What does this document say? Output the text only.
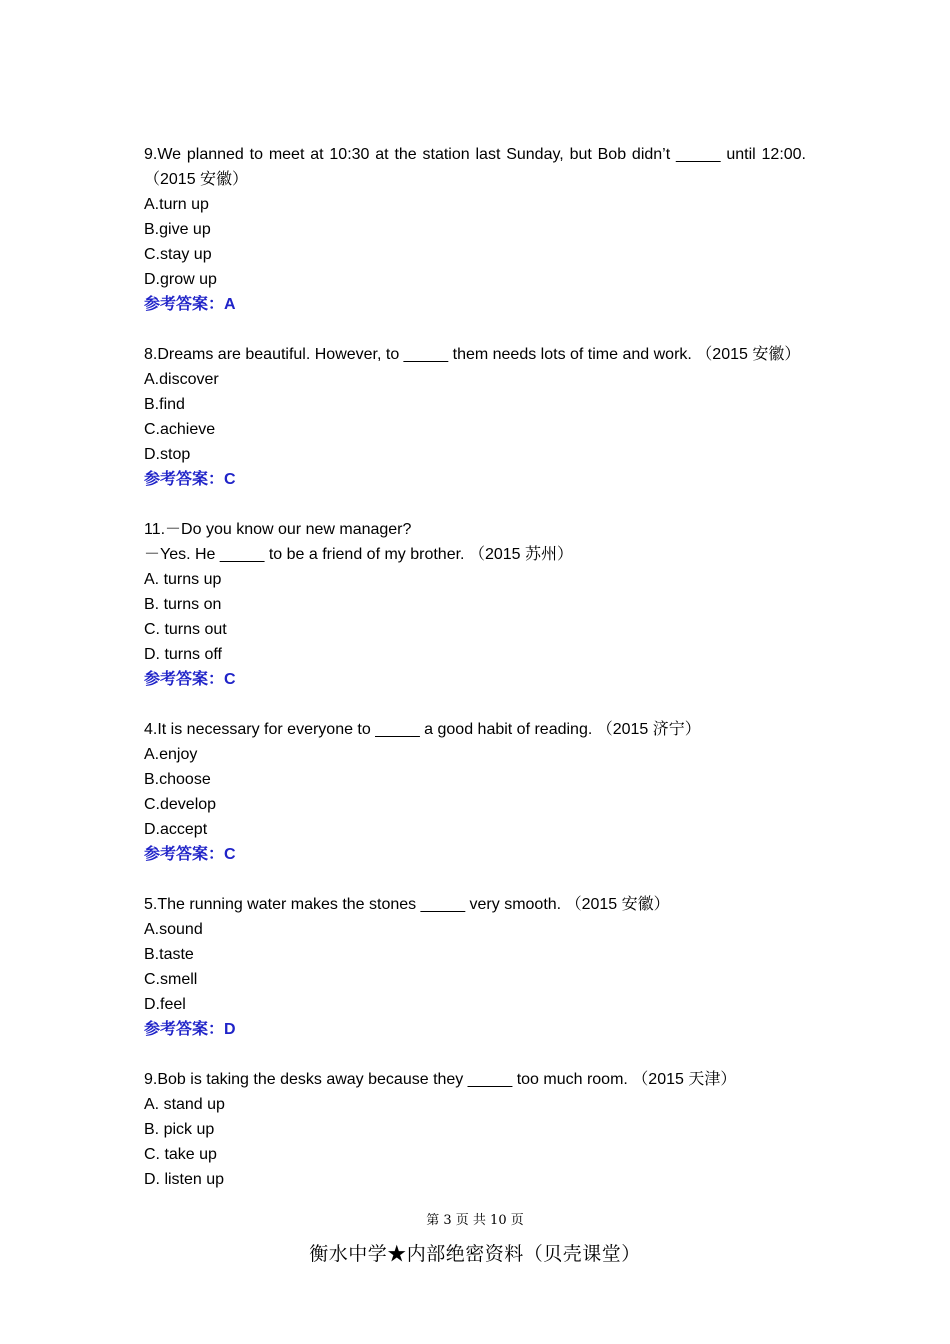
9.We planned to meet at 10:30 at the station last Sunday, but Bob didn’t _____ until 12:00. （2015 安徽）
A.turn up
B.give up
C.stay up
D.grow up
参考答案：A
8.Dreams are beautiful. However, to _____ them needs lots of time and work. （2015 安徽）
A.discover
B.find
C.achieve
D.stop
参考答案：C
11.－Do you know our new manager?
－Yes. He _____ to be a friend of my brother. （2015 苏州）
A. turns up
B. turns on
C. turns out
D. turns off
参考答案：C
4.It is necessary for everyone to _____ a good habit of reading. （2015 济宁）
A.enjoy
B.choose
C.develop
D.accept
参考答案：C
5.The running water makes the stones _____ very smooth. （2015 安徽）
A.sound
B.taste
C.smell
D.feel
参考答案：D
9.Bob is taking the desks away because they _____ too much room. （2015 天津）
A. stand up
B. pick up
C. take up
D. listen up
第 3 页 共 10 页
衡水中学★内部绝密资料（贝壳课堂）
